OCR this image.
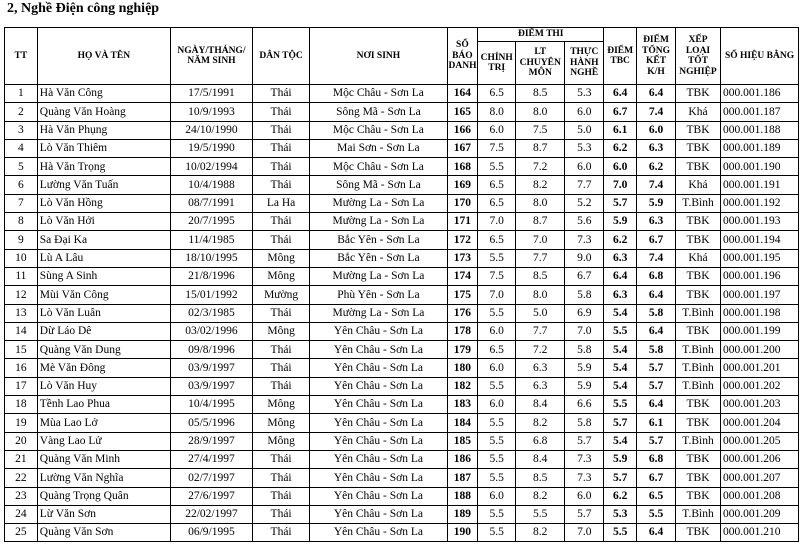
2, Nghề Điện công nghiệp
TT	HỌ VÀ TÊN	NGÀY/THÁNG/ NĂM SINH	DÂN TỘC	NƠI SINH	SỐ BÁO DANH	ĐIỂM THI			ĐIỂM TBC	ĐIỂM TỔNG KẾT K/H	XẾP LOẠI TỐT NGHIỆP	SỐ HIỆU BẰNG
						CHÍNH TRỊ	LT CHUYÊN MÔN	THỰC HÀNH NGHỀ				
1	Hà Văn Công	17/5/1991	Thái	Mộc Châu - Sơn La	164	6.5	8.5	5.3	6.4	6.4	TBK	000.001.186
2	Quàng Văn Hoàng	10/9/1993	Thái	Sông Mã - Sơn La	165	8.0	8.0	6.0	6.7	7.4	Khá	000.001.187
3	Hà Văn Phụng	24/10/1990	Thái	Mộc Châu - Sơn La	166	6.0	7.5	5.0	6.1	6.0	TBK	000.001.188
4	Lò Văn Thiêm	19/5/1990	Thái	Mai Sơn - Sơn La	167	7.5	8.7	5.3	6.2	6.3	TBK	000.001.189
5	Hà Văn Trọng	10/02/1994	Thái	Mộc Châu - Sơn La	168	5.5	7.2	6.0	6.0	6.2	TBK	000.001.190
6	Lường Văn Tuấn	10/4/1988	Thái	Sông Mã - Sơn La	169	6.5	8.2	7.7	7.0	7.4	Khá	000.001.191
7	Lò Văn Hồng	08/7/1991	La Ha	Mường La - Sơn La	170	6.5	8.0	5.2	5.7	5.9	T.Bình	000.001.192
8	Lò Văn Hởi	20/7/1995	Thái	Mường La - Sơn La	171	7.0	8.7	5.6	5.9	6.3	TBK	000.001.193
9	Sa Đại Ka	11/4/1985	Thái	Bắc Yên - Sơn La	172	6.5	7.0	7.3	6.2	6.7	TBK	000.001.194
10	Lù A Lâu	18/10/1995	Mông	Bắc Yên - Sơn La	173	5.5	7.7	9.0	6.3	7.4	Khá	000.001.195
11	Sùng A Sinh	21/8/1996	Mông	Mường La - Sơn La	174	7.5	8.5	6.7	6.4	6.8	TBK	000.001.196
12	Mùi Văn Công	15/01/1992	Mường	Phù Yên - Sơn La	175	7.0	8.0	5.8	6.3	6.4	TBK	000.001.197
13	Lò Văn Luân	02/3/1985	Thái	Mường La - Sơn La	176	5.5	5.0	6.9	5.4	5.8	T.Bình	000.001.198
14	Dừ Láo Dê	03/02/1996	Mông	Yên Châu - Sơn La	178	6.0	7.7	7.0	5.5	6.4	TBK	000.001.199
15	Quàng Văn Dung	09/8/1996	Thái	Yên Châu - Sơn La	179	6.5	7.2	5.8	5.4	5.8	T.Bình	000.001.200
16	Mè Văn Đông	03/9/1997	Thái	Yên Châu - Sơn La	180	6.0	6.3	5.9	5.4	5.7	T.Bình	000.001.201
17	Lò Văn Huy	03/9/1997	Thái	Yên Châu - Sơn La	182	5.5	6.3	5.9	5.4	5.7	T.Bình	000.001.202
18	Tềnh Lao Phua	10/4/1995	Mông	Yên Châu - Sơn La	183	6.0	8.4	6.6	5.5	6.4	TBK	000.001.203
19	Mùa Lao Lở	05/5/1996	Mông	Yên Châu - Sơn La	184	5.5	8.2	5.8	5.7	6.1	TBK	000.001.204
20	Vàng Lao Lử	28/9/1997	Mông	Yên Châu - Sơn La	185	5.5	6.8	5.7	5.4	5.7	T.Bình	000.001.205
21	Quàng Văn Minh	27/4/1997	Thái	Yên Châu - Sơn La	186	5.5	8.4	7.3	5.9	6.8	TBK	000.001.206
22	Lường Văn Nghĩa	02/7/1997	Thái	Yên Châu - Sơn La	187	5.5	8.5	7.3	5.7	6.7	TBK	000.001.207
23	Quàng Trọng Quân	27/6/1997	Thái	Yên Châu - Sơn La	188	6.0	8.2	6.0	6.2	6.5	TBK	000.001.208
24	Lừ Văn Sơn	22/02/1997	Thái	Yên Châu - Sơn La	189	5.5	5.5	5.7	5.3	5.5	T.Bình	000.001.209
25	Quàng Văn Sơn	06/9/1995	Thái	Yên Châu - Sơn La	190	5.5	8.2	7.0	5.5	6.4	TBK	000.001.210
